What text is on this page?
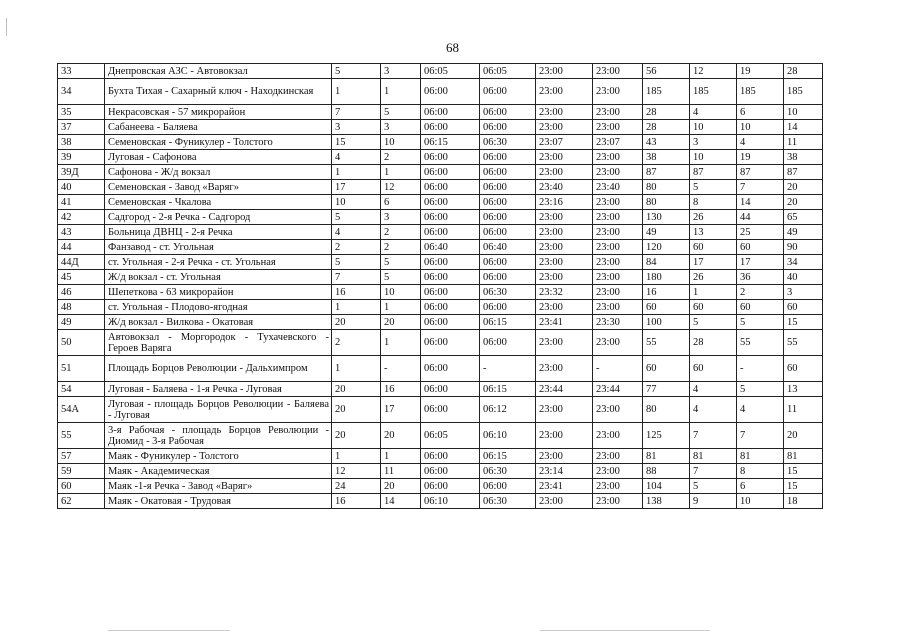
68
33	Днепровская АЗС - Автовокзал	5	3	06:05	06:05	23:00	23:00	56	12	19	28
34	Бухта Тихая - Сахарный ключ - Находкинская	1	1	06:00	06:00	23:00	23:00	185	185	185	185
35	Некрасовская - 57 микрорайон	7	5	06:00	06:00	23:00	23:00	28	4	6	10
37	Сабанеева - Баляева	3	3	06:00	06:00	23:00	23:00	28	10	10	14
38	Семеновская - Фуникулер - Толстого	15	10	06:15	06:30	23:07	23:07	43	3	4	11
39	Луговая - Сафонова	4	2	06:00	06:00	23:00	23:00	38	10	19	38
39Д	Сафонова - Ж/д вокзал	1	1	06:00	06:00	23:00	23:00	87	87	87	87
40	Семеновская - Завод «Варяг»	17	12	06:00	06:00	23:40	23:40	80	5	7	20
41	Семеновская - Чкалова	10	6	06:00	06:00	23:16	23:00	80	8	14	20
42	Садгород - 2-я Речка - Садгород	5	3	06:00	06:00	23:00	23:00	130	26	44	65
43	Больница ДВНЦ - 2-я Речка	4	2	06:00	06:00	23:00	23:00	49	13	25	49
44	Фанзавод - ст. Угольная	2	2	06:40	06:40	23:00	23:00	120	60	60	90
44Д	ст. Угольная - 2-я Речка - ст. Угольная	5	5	06:00	06:00	23:00	23:00	84	17	17	34
45	Ж/д вокзал - ст. Угольная	7	5	06:00	06:00	23:00	23:00	180	26	36	40
46	Шепеткова - 63 микрорайон	16	10	06:00	06:30	23:32	23:00	16	1	2	3
48	ст. Угольная - Плодово-ягодная	1	1	06:00	06:00	23:00	23:00	60	60	60	60
49	Ж/д вокзал - Вилкова - Окатовая	20	20	06:00	06:15	23:41	23:30	100	5	5	15
50	Автовокзал - Моргородок - Тухачевского - Героев Варяга	2	1	06:00	06:00	23:00	23:00	55	28	55	55
51	Площадь Борцов Революции - Дальхимпром	1	-	06:00	-	23:00	-	60	60	-	60
54	Луговая - Баляева - 1-я Речка - Луговая	20	16	06:00	06:15	23:44	23:44	77	4	5	13
54А	Луговая - площадь Борцов Революции - Баляева - Луговая	20	17	06:00	06:12	23:00	23:00	80	4	4	11
55	3-я Рабочая - площадь Борцов Революции - Диомид - 3-я Рабочая	20	20	06:05	06:10	23:00	23:00	125	7	7	20
57	Маяк - Фуникулер - Толстого	1	1	06:00	06:15	23:00	23:00	81	81	81	81
59	Маяк - Академическая	12	11	06:00	06:30	23:14	23:00	88	7	8	15
60	Маяк -1-я Речка - Завод «Варяг»	24	20	06:00	06:00	23:41	23:00	104	5	6	15
62	Маяк - Окатовая - Трудовая	16	14	06:10	06:30	23:00	23:00	138	9	10	18
